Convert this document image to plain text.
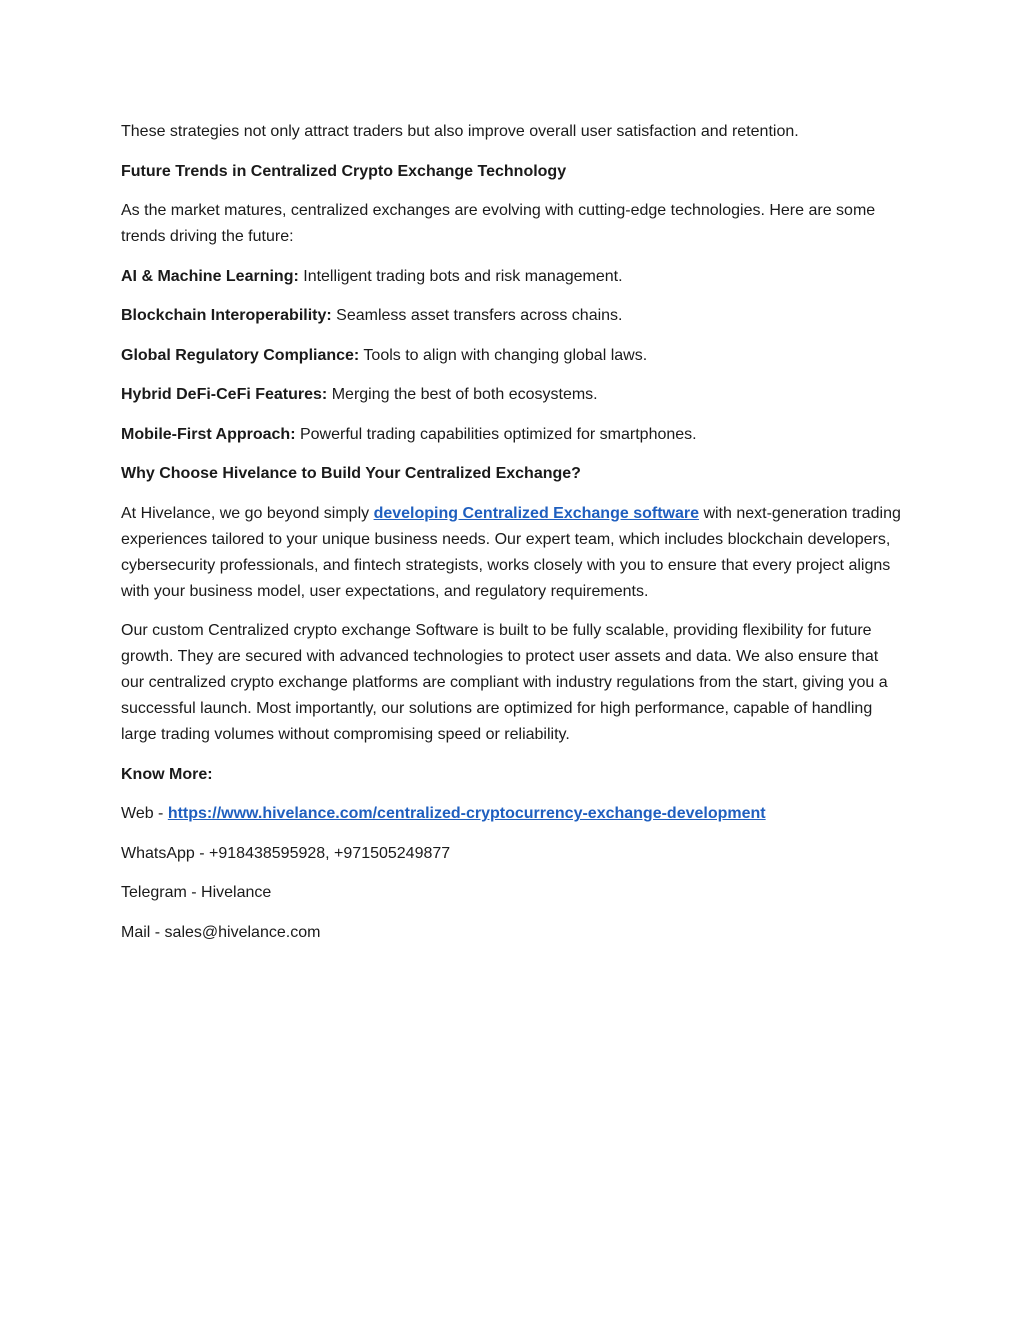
These strategies not only attract traders but also improve overall user satisfaction and retention.

Future Trends in Centralized Crypto Exchange Technology

As the market matures, centralized exchanges are evolving with cutting-edge technologies. Here are some trends driving the future:

AI & Machine Learning: Intelligent trading bots and risk management.

Blockchain Interoperability: Seamless asset transfers across chains.

Global Regulatory Compliance: Tools to align with changing global laws.

Hybrid DeFi-CeFi Features: Merging the best of both ecosystems.

Mobile-First Approach: Powerful trading capabilities optimized for smartphones.

Why Choose Hivelance to Build Your Centralized Exchange?

At Hivelance, we go beyond simply developing Centralized Exchange software with next-generation trading experiences tailored to your unique business needs. Our expert team, which includes blockchain developers, cybersecurity professionals, and fintech strategists, works closely with you to ensure that every project aligns with your business model, user expectations, and regulatory requirements.

Our custom Centralized crypto exchange Software is built to be fully scalable, providing flexibility for future growth. They are secured with advanced technologies to protect user assets and data. We also ensure that our centralized crypto exchange platforms are compliant with industry regulations from the start, giving you a successful launch. Most importantly, our solutions are optimized for high performance, capable of handling large trading volumes without compromising speed or reliability.

Know More:

Web - https://www.hivelance.com/centralized-cryptocurrency-exchange-development

WhatsApp - +918438595928, +971505249877

Telegram - Hivelance

Mail - sales@hivelance.com
